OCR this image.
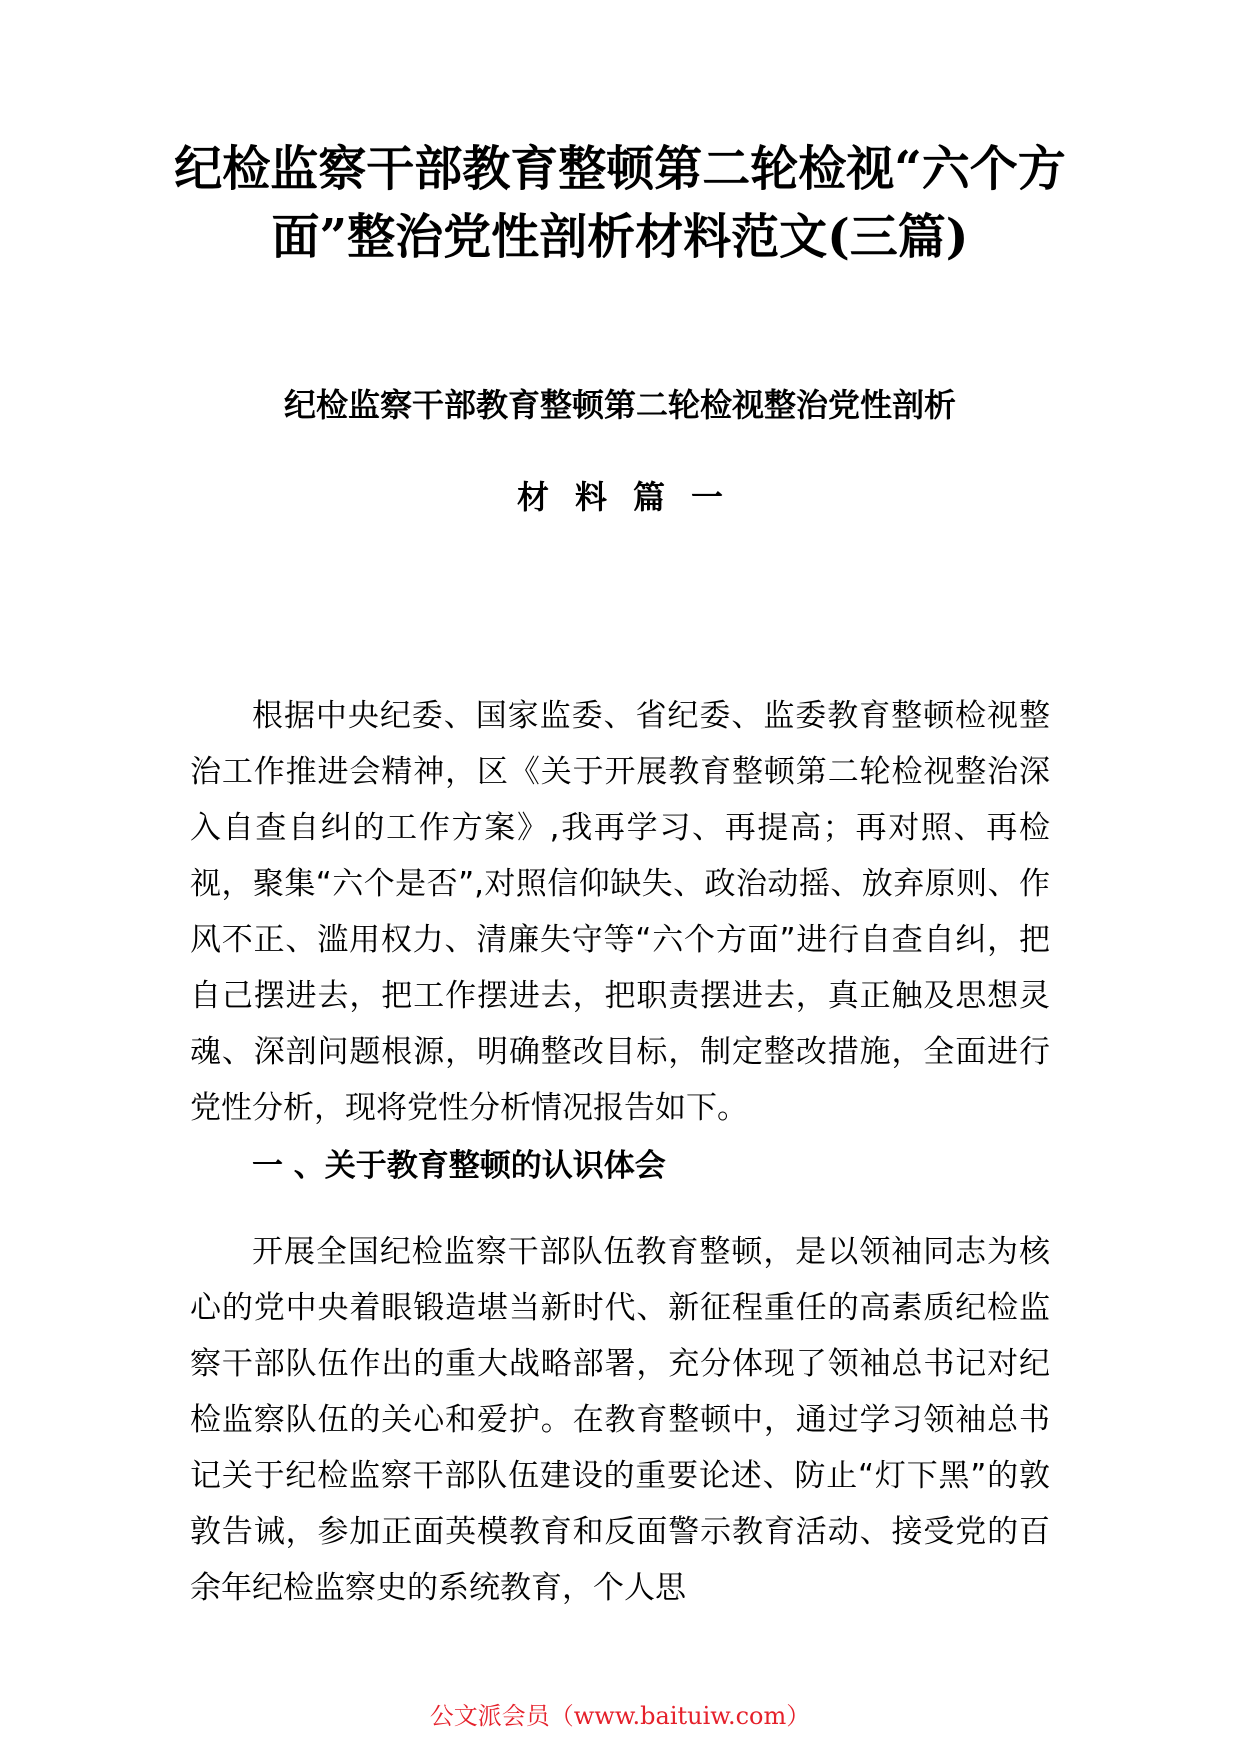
纪检监察干部教育整顿第二轮检视“六个方
面”整治党性剖析材料范文(三篇)
纪检监察干部教育整顿第二轮检视整治党性剖析
材料篇一

根据中央纪委、国家监委、省纪委、监委教育整顿检视整治工作推进会精神，区《关于开展教育整顿第二轮检视整治深入自查自纠的工作方案》,我再学习、再提高；再对照、再检视，聚集“六个是否”,对照信仰缺失、政治动摇、放弃原则、作风不正、滥用权力、清廉失守等“六个方面”进行自查自纠，把自己摆进去，把工作摆进去，把职责摆进去，真正触及思想灵魂、深剖问题根源，明确整改目标，制定整改措施，全面进行党性分析，现将党性分析情况报告如下。

一 、关于教育整顿的认识体会

开展全国纪检监察干部队伍教育整顿，是以领袖同志为核心的党中央着眼锻造堪当新时代、新征程重任的高素质纪检监察干部队伍作出的重大战略部署，充分体现了领袖总书记对纪检监察队伍的关心和爱护。在教育整顿中，通过学习领袖总书记关于纪检监察干部队伍建设的重要论述、防止“灯下黑”的敦敦告诫，参加正面英模教育和反面警示教育活动、接受党的百余年纪检监察史的系统教育，个人思

公文派会员（www.baituiw.com）
